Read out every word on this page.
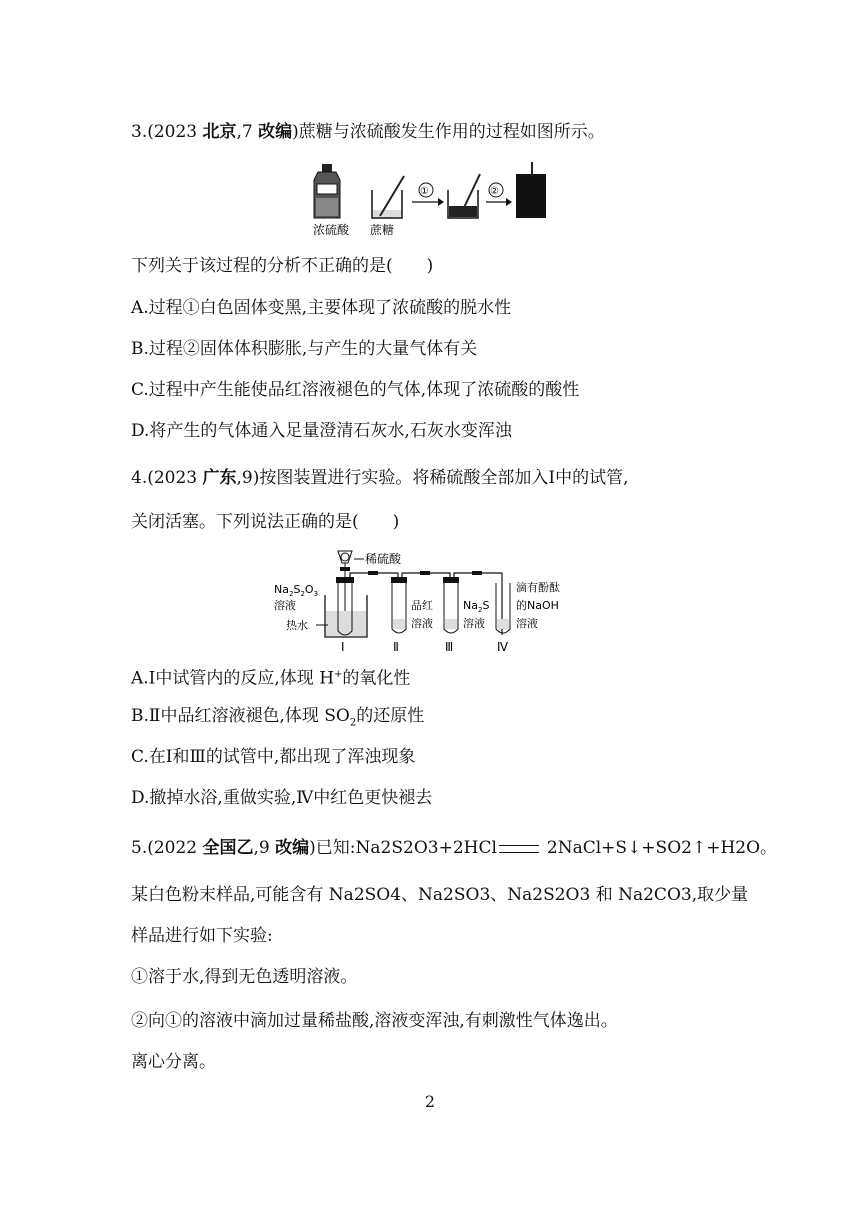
3.(2023 北京,7 改编)蔗糖与浓硫酸发生作用的过程如图所示。
浓硫酸 蔗糖
①	②
下列关于该过程的分析不正确的是(　　)
A.过程①白色固体变黑,主要体现了浓硫酸的脱水性
B.过程②固体体积膨胀,与产生的大量气体有关
C.过程中产生能使品红溶液褪色的气体,体现了浓硫酸的酸性
D.将产生的气体通入足量澄清石灰水,石灰水变浑浊
4.(2023 广东,9)按图装置进行实验。将稀硫酸全部加入Ⅰ中的试管,
关闭活塞。下列说法正确的是(　　)
稀硫酸
$Na_2S_2O_3$
溶液
热水
品红
溶液
$Na_2S$
溶液
滴有酚酞
的NaOH
溶液
Ⅰ	Ⅱ	Ⅲ	Ⅳ
A.Ⅰ中试管内的反应,体现 H+的氧化性
B.Ⅱ中品红溶液褪色,体现 $SO_2$的还原性
C.在Ⅰ和Ⅲ的试管中,都出现了浑浊现象
D.撤掉水浴,重做实验,Ⅳ中红色更快褪去
5.(2022 全国乙,9 改编)已知:Na2S2O3+2HCl	2NaCl+S↓+SO2↑+H2O。
某白色粉末样品,可能含有 Na2SO4、Na2SO3、Na2S2O3 和 Na2CO3,取少量
样品进行如下实验:
①溶于水,得到无色透明溶液。
②向①的溶液中滴加过量稀盐酸,溶液变浑浊,有刺激性气体逸出。
离心分离。
2
